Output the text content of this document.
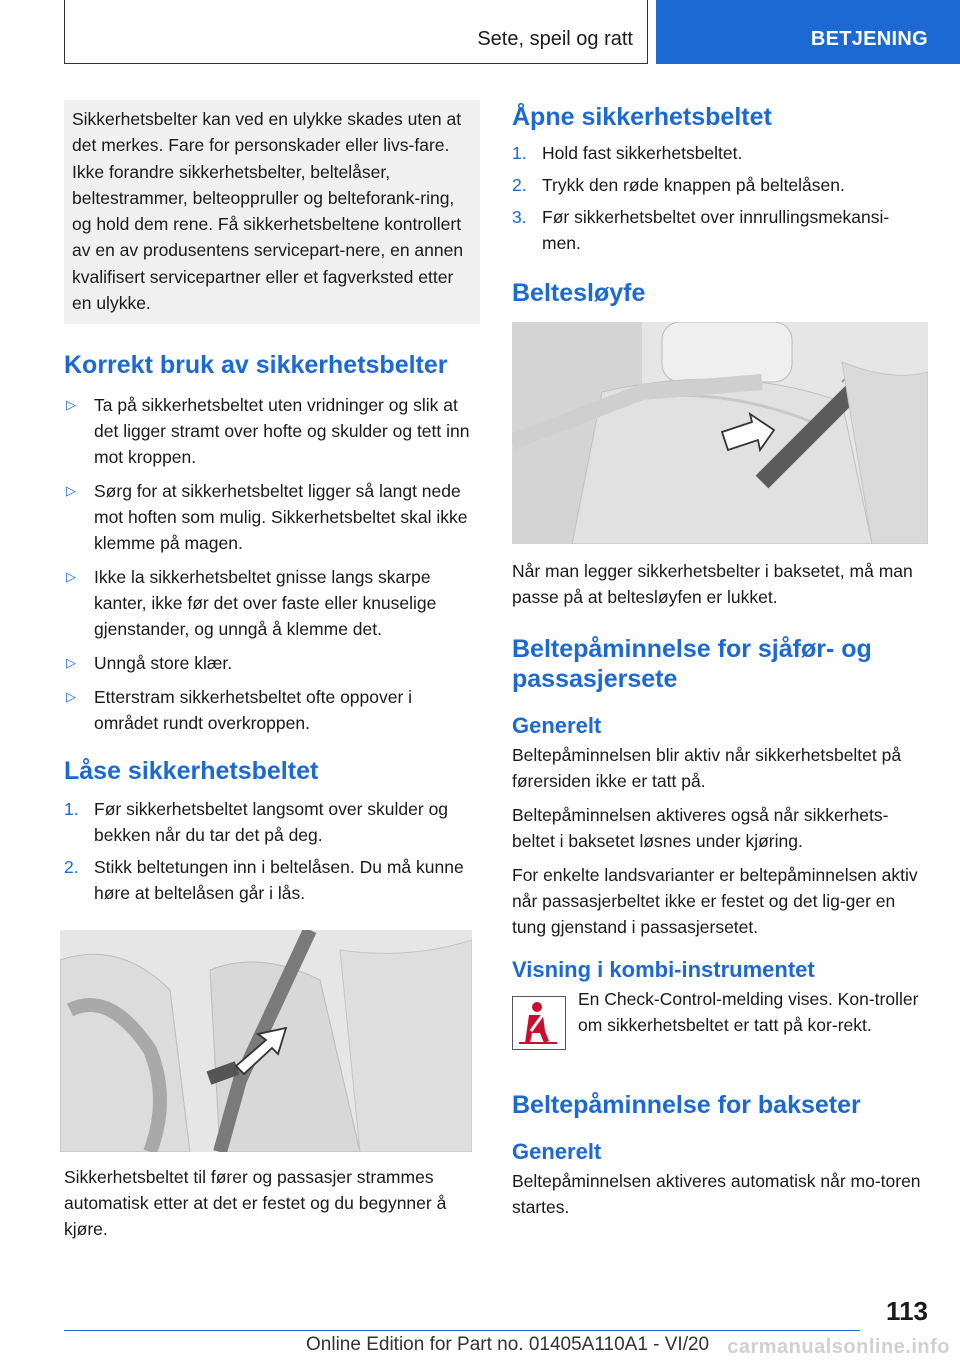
Sete, speil og ratt	BETJENING
Sikkerhetsbelter kan ved en ulykke skades uten at det merkes. Fare for personskader eller livs-fare. Ikke forandre sikkerhetsbelter, beltelåser, beltestrammer, belteoppruller og belteforank-ring, og hold dem rene. Få sikkerhetsbeltene kontrollert av en av produsentens servicepart-nere, en annen kvalifisert servicepartner eller et fagverksted etter en ulykke.
Korrekt bruk av sikkerhetsbelter
▷ Ta på sikkerhetsbeltet uten vridninger og slik at det ligger stramt over hofte og skulder og tett inn mot kroppen.
▷ Sørg for at sikkerhetsbeltet ligger så langt nede mot hoften som mulig. Sikkerhetsbeltet skal ikke klemme på magen.
▷ Ikke la sikkerhetsbeltet gnisse langs skarpe kanter, ikke før det over faste eller knuselige gjenstander, og unngå å klemme det.
▷ Unngå store klær.
▷ Etterstram sikkerhetsbeltet ofte oppover i området rundt overkroppen.
Låse sikkerhetsbeltet
1. Før sikkerhetsbeltet langsomt over skulder og bekken når du tar det på deg.
2. Stikk beltetungen inn i beltelåsen. Du må kunne høre at beltelåsen går i lås.

Sikkerhetsbeltet til fører og passasjer strammes automatisk etter at det er festet og du begynner å kjøre.

Åpne sikkerhetsbeltet
1. Hold fast sikkerhetsbeltet.
2. Trykk den røde knappen på beltelåsen.
3. Før sikkerhetsbeltet over innrullingsmekansi-men.
Beltesløyfe

Når man legger sikkerhetsbelter i baksetet, må man passe på at beltesløyfen er lukket.

Beltepåminnelse for sjåfør- og passasjersete
Generelt

Beltepåminnelsen blir aktiv når sikkerhetsbeltet på førersiden ikke er tatt på.

Beltepåminnelsen aktiveres også når sikkerhets-beltet i baksetet løsnes under kjøring.

For enkelte landsvarianter er beltepåminnelsen aktiv når passasjerbeltet ikke er festet og det lig-ger en tung gjenstand i passasjersetet.

Visning i kombi-instrumentet

En Check-Control-melding vises. Kon-troller om sikkerhetsbeltet er tatt på kor-rekt.

Beltepåminnelse for bakseter
Generelt

Beltepåminnelsen aktiveres automatisk når mo-toren startes.

113
Online Edition for Part no. 01405A110A1 - VI/20 carmanualsonline.info
